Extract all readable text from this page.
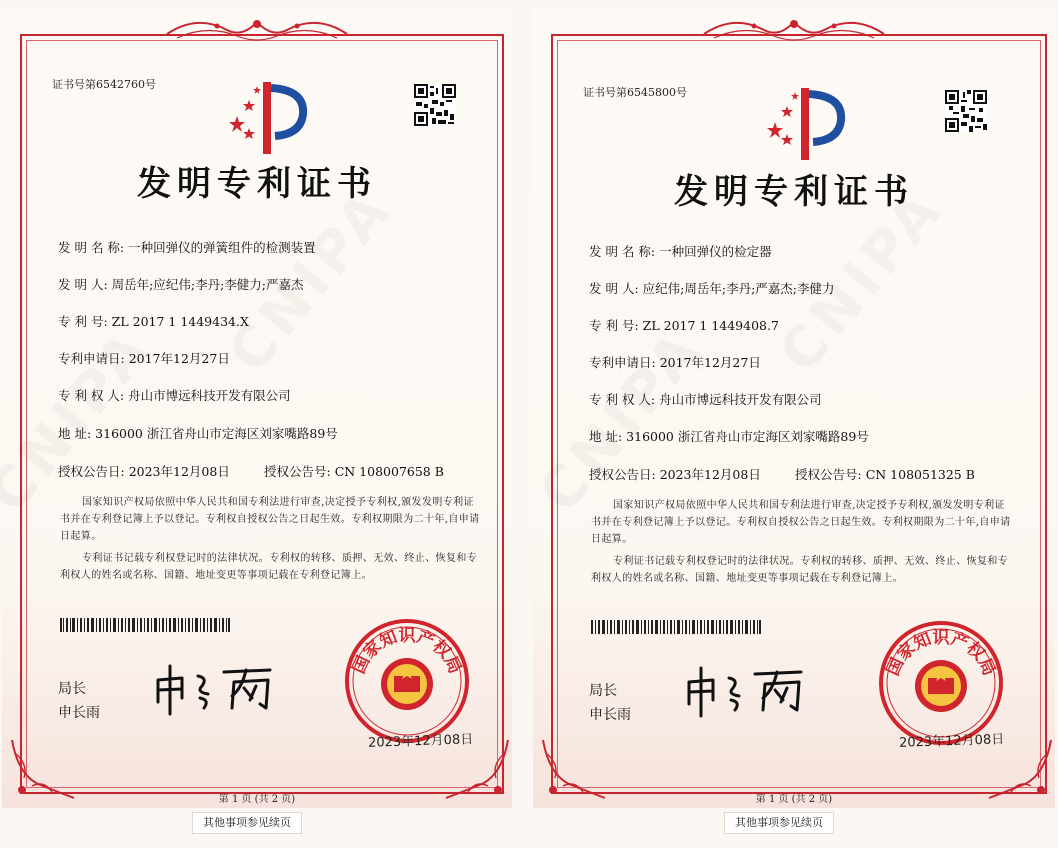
证书号第6542760号
发明专利证书
发 明 名 称: 一种回弹仪的弹簧组件的检测装置
发 明 人: 周岳年;应纪伟;李丹;李健力;严嘉杰
专 利 号: ZL 2017 1 1449434.X
专利申请日: 2017年12月27日
专 利 权 人: 舟山市博远科技开发有限公司
地 址: 316000 浙江省舟山市定海区刘家嘴路89号
授权公告日: 2023年12月08日	授权公告号: CN 108007658 B
国家知识产权局依照中华人民共和国专利法进行审查,决定授予专利权,颁发发明专利证书并在专利登记簿上予以登记。专利权自授权公告之日起生效。专利权期限为二十年,自申请日起算。
专利证书记载专利权登记时的法律状况。专利权的转移、质押、无效、终止、恢复和专利权人的姓名或名称、国籍、地址变更等事项记载在专利登记簿上。
局长
申长雨
国家知识产权局
2023年12月08日
第 1 页 (共 2 页)
其他事项参见续页
证书号第6545800号
发明专利证书
发 明 名 称: 一种回弹仪的检定器
发 明 人: 应纪伟;周岳年;李丹;严嘉杰;李健力
专 利 号: ZL 2017 1 1449408.7
专利申请日: 2017年12月27日
专 利 权 人: 舟山市博远科技开发有限公司
地 址: 316000 浙江省舟山市定海区刘家嘴路89号
授权公告日: 2023年12月08日	授权公告号: CN 108051325 B
国家知识产权局依照中华人民共和国专利法进行审查,决定授予专利权,颁发发明专利证书并在专利登记簿上予以登记。专利权自授权公告之日起生效。专利权期限为二十年,自申请日起算。
专利证书记载专利权登记时的法律状况。专利权的转移、质押、无效、终止、恢复和专利权人的姓名或名称、国籍、地址变更等事项记载在专利登记簿上。
局长
申长雨
国家知识产权局
2023年12月08日
第 1 页 (共 2 页)
其他事项参见续页
